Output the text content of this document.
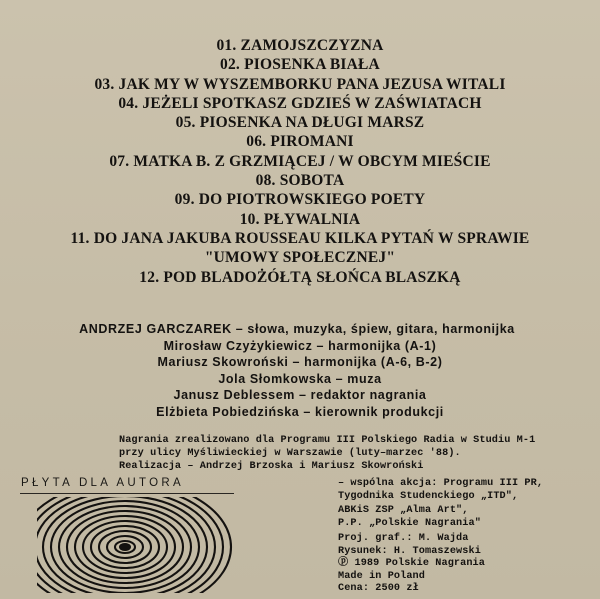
01. ZAMOJSZCZYZNA
02. PIOSENKA BIAŁA
03. JAK MY W WYSZEMBORKU PANA JEZUSA WITALI
04. JEŻELI SPOTKASZ GDZIEŚ W ZAŚWIATACH
05. PIOSENKA NA DŁUGI MARSZ
06. PIROMANI
07. MATKA B. Z GRZMIĄCEJ / W OBCYM MIEŚCIE
08. SOBOTA
09. DO PIOTROWSKIEGO POETY
10. PŁYWALNIA
11. DO JANA JAKUBA ROUSSEAU KILKA PYTAŃ W SPRAWIE
"UMOWY SPOŁECZNEJ"
12. POD BLADOŻÓŁTĄ SŁOŃCA BLASZKĄ
ANDRZEJ GARCZAREK – słowa, muzyka, śpiew, gitara, harmonijka
Mirosław Czyżykiewicz – harmonijka (A-1)
Mariusz Skowroński – harmonijka (A-6, B-2)
Jola Słomkowska – muza
Janusz Deblessem – redaktor nagrania
Elżbieta Pobiedzińska – kierownik produkcji
Nagrania zrealizowano dla Programu III Polskiego Radia w Studiu M-1
przy ulicy Myśliwieckiej w Warszawie (luty–marzec '88).
Realizacja – Andrzej Brzoska i Mariusz Skowroński
PŁYTA DLA AUTORA	– wspólna akcja: Programu III PR,
Tygodnika Studenckiego „ITD",
ABKiS ZSP „Alma Art",
P.P. „Polskie Nagrania"
Proj. graf.: M. Wajda
Rysunek: H. Tomaszewski
ⓟ 1989 Polskie Nagrania
Made in Poland
Cena: 2500 zł
